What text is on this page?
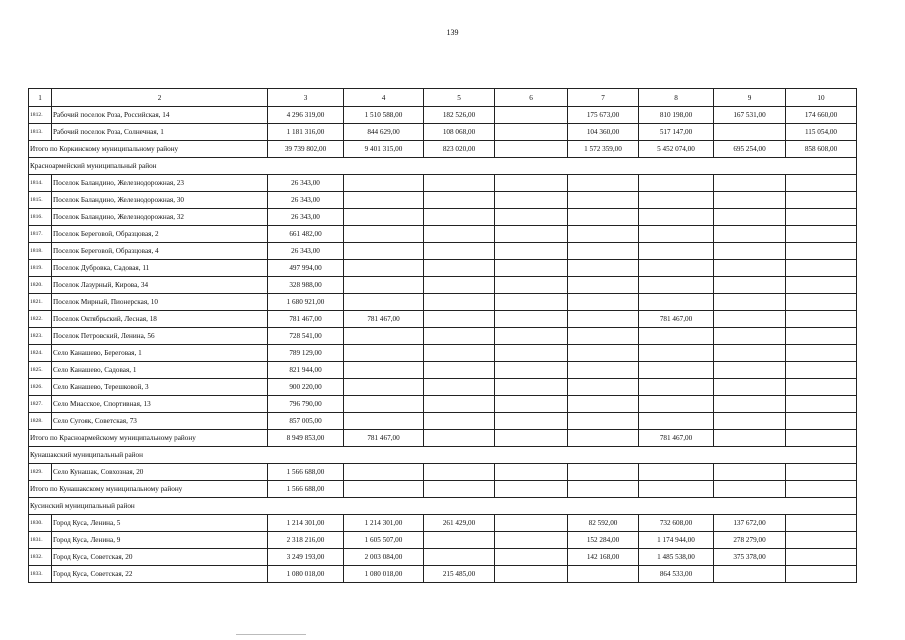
139
1	2	3	4	5	6	7	8	9	10
1812.	Рабочий поселок Роза, Российская, 14	4 296 319,00	1 510 588,00	182 526,00		175 673,00	810 198,00	167 531,00	174 660,00
1813.	Рабочий поселок Роза, Солнечная, 1	1 181 316,00	844 629,00	108 068,00		104 360,00	517 147,00		115 054,00
Итого по Коркинскому муниципальному району		39 739 802,00	9 401 315,00	823 020,00		1 572 359,00	5 452 074,00	695 254,00	858 608,00
Красноармейский муниципальный район									
1814.	Поселок Баландино, Железнодорожная, 23	26 343,00							
1815.	Поселок Баландино, Железнодорожная, 30	26 343,00							
1816.	Поселок Баландино, Железнодорожная, 32	26 343,00							
1817.	Поселок Береговой, Образцовая, 2	661 482,00							
1818.	Поселок Береговой, Образцовая, 4	26 343,00							
1819.	Поселок Дубровка, Садовая, 11	497 994,00							
1820.	Поселок Лазурный, Кирова, 34	328 988,00							
1821.	Поселок Мирный, Пионерская, 10	1 680 921,00							
1822.	Поселок Октябрьский, Лесная, 18	781 467,00	781 467,00				781 467,00		
1823.	Поселок Петровский, Ленина, 56	728 541,00							
1824.	Село Канашево, Береговая, 1	789 129,00							
1825.	Село Канашево, Садовая, 1	821 944,00							
1826.	Село Канашево, Терешковой, 3	900 220,00							
1827.	Село Миасское, Спортивная, 13	796 790,00							
1828.	Село Сугояк, Советская, 73	857 005,00							
Итого по Красноармейскому муниципальному району		8 949 853,00	781 467,00				781 467,00		
Кунашакский муниципальный район									
1829.	Село Кунашак, Совхозная, 20	1 566 688,00							
Итого по Кунашакскому муниципальному району		1 566 688,00							
Кусинский муниципальный район									
1830.	Город Куса, Ленина, 5	1 214 301,00	1 214 301,00	261 429,00		82 592,00	732 608,00	137 672,00	
1831.	Город Куса, Ленина, 9	2 318 216,00	1 605 507,00			152 284,00	1 174 944,00	278 279,00	
1832.	Город Куса, Советская, 20	3 249 193,00	2 003 084,00			142 168,00	1 485 538,00	375 378,00	
1833.	Город Куса, Советская, 22	1 080 018,00	1 080 018,00	215 485,00			864 533,00		
